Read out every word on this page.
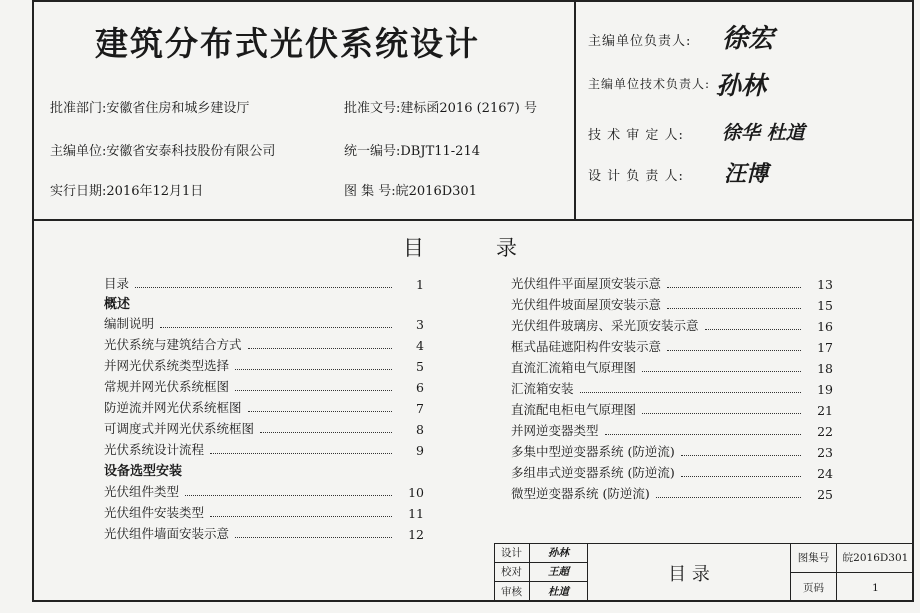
建筑分布式光伏系统设计
批准部门:安徽省住房和城乡建设厅	批准文号:建标函2016 (2167) 号
主编单位:安徽省安泰科技股份有限公司	统一编号:DBJT11-214
实行日期:2016年12月1日	图 集 号:皖2016D301
主编单位负责人: 徐宏
主编单位技术负责人: 孙林
技 术 审 定 人: 徐华 杜道
设 计 负 责 人: 汪博
目	录
目录	1
概述
编制说明	3
光伏系统与建筑结合方式	4
并网光伏系统类型选择	5
常规并网光伏系统框图	6
防逆流并网光伏系统框图	7
可调度式并网光伏系统框图	8
光伏系统设计流程	9
设备选型安装
光伏组件类型	10
光伏组件安装类型	11
光伏组件墙面安装示意	12
光伏组件平面屋顶安装示意	13
光伏组件坡面屋顶安装示意	15
光伏组件玻璃房、采光顶安装示意	16
框式晶硅遮阳构件安装示意	17
直流汇流箱电气原理图	18
汇流箱安装	19
直流配电柜电气原理图	21
并网逆变器类型	22
多集中型逆变器系统 (防逆流)	23
多组串式逆变器系统 (防逆流)	24
微型逆变器系统 (防逆流)	25
设计	孙林
校对	王超
审核	杜道
目 录
图集号	皖2016D301
页码	1
